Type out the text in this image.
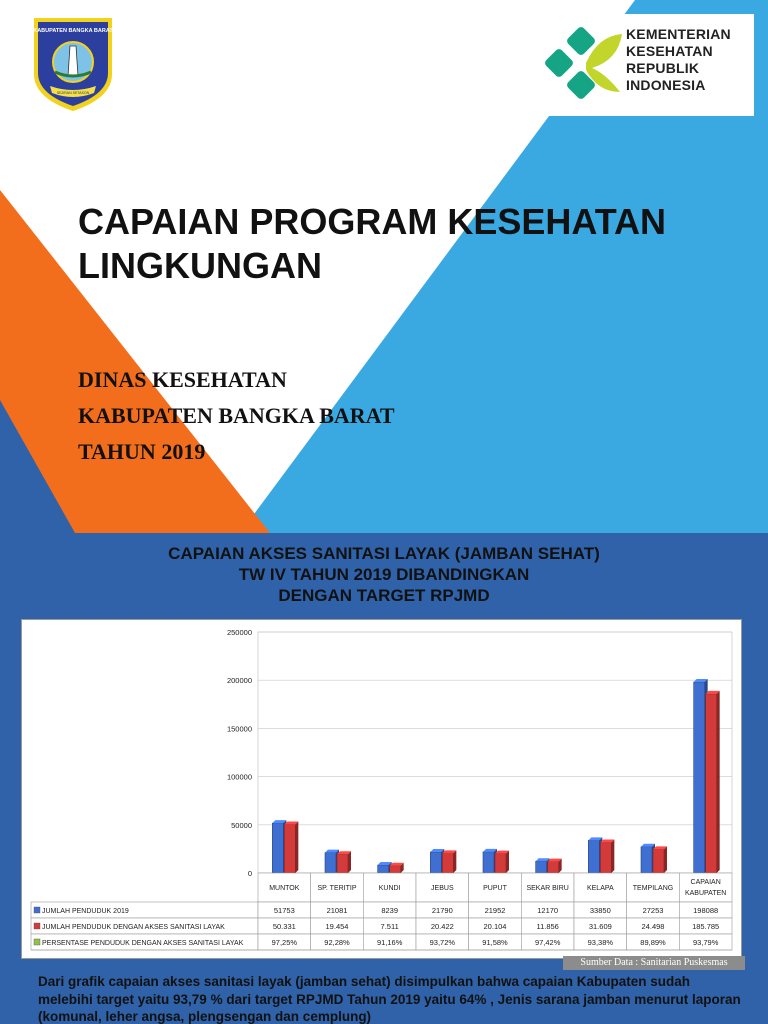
KABUPATEN BANGKA BARAT
SEJIRAN SETASON
KEMENTERIAN
KESEHATAN
REPUBLIK
INDONESIA
CAPAIAN PROGRAM KESEHATAN
LINGKUNGAN
DINAS KESEHATAN
KABUPATEN BANGKA BARAT
TAHUN 2019
CAPAIAN AKSES SANITASI LAYAK (JAMBAN SEHAT)
TW IV TAHUN 2019 DIBANDINGKAN
DENGAN TARGET RPJMD
0
50000
100000
150000
200000
250000
MUNTOK	SP. TERITIP	KUNDI	JEBUS	PUPUT	SEKAR BIRU	KELAPA	TEMPILANG
CAPAIAN
KABUPATEN
JUMLAH PENDUDUK 2019	51753	21081	8239	21790	21952	12170	33850	27253	198088
JUMLAH PENDUDUK DENGAN AKSES SANITASI LAYAK	50.331	19.454	7.511	20.422	20.104	11.856	31.609	24.498	185.785
PERSENTASE PENDUDUK DENGAN AKSES SANITASI LAYAK	97,25%	92,28%	91,16%	93,72%	91,58%	97,42%	93,38%	89,89%	93,79%
Sumber Data : Sanitarian Puskesmas
Dari grafik capaian akses sanitasi layak (jamban sehat) disimpulkan bahwa capaian Kabupaten sudah melebihi target yaitu 93,79 % dari target RPJMD Tahun 2019 yaitu 64% , Jenis sarana jamban menurut laporan (komunal, leher angsa, plengsengan dan cemplung)
